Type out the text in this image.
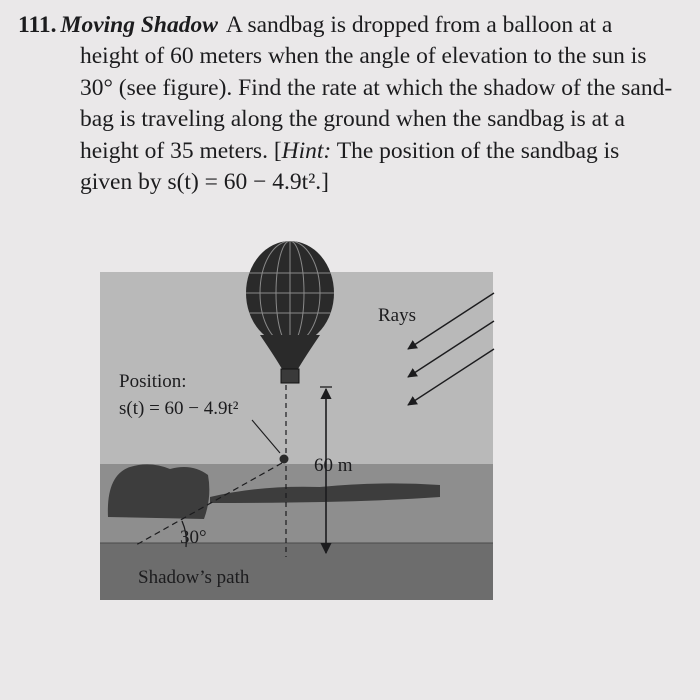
111. Moving Shadow A sandbag is dropped from a balloon at a

height of 60 meters when the angle of elevation to the sun is

30° (see figure). Find the rate at which the shadow of the sand-

bag is traveling along the ground when the sandbag is at a

height of 35 meters. [Hint: The position of the sandbag is

given by s(t) = 60 − 4.9t².]

Rays
Position:
s(t) = 60 − 4.9t²
60 m
30°
Shadow’s path
